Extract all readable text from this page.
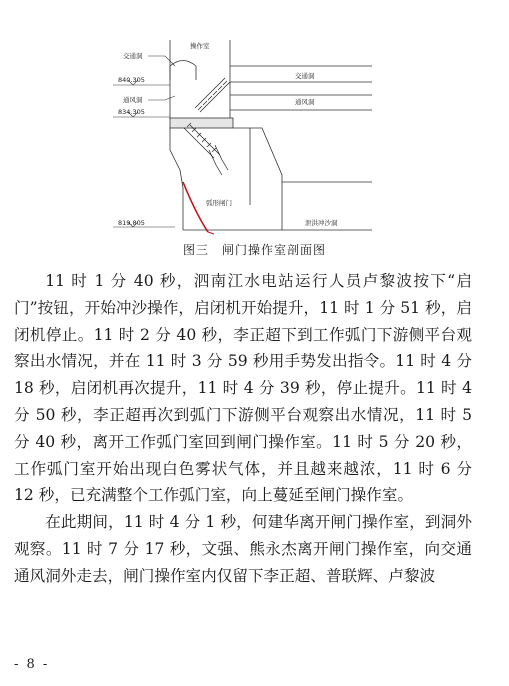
交通洞
操作室
840.305
通风洞
834.305
交通洞
通风洞
弧形闸门
泄洪冲沙洞
819.805
图三　闸门操作室剖面图

11 时 1 分 40 秒，泗南江水电站运行人员卢黎波按下“启门”按钮，开始冲沙操作，启闭机开始提升，11 时 1 分 51 秒，启闭机停止。11 时 2 分 40 秒，李正超下到工作弧门下游侧平台观察出水情况，并在 11 时 3 分 59 秒用手势发出指令。11 时 4 分 18 秒，启闭机再次提升，11 时 4 分 39 秒，停止提升。11 时 4 分 50 秒，李正超再次到弧门下游侧平台观察出水情况，11 时 5 分 40 秒，离开工作弧门室回到闸门操作室。11 时 5 分 20 秒，工作弧门室开始出现白色雾状气体，并且越来越浓，11 时 6 分 12 秒，已充满整个工作弧门室，向上蔓延至闸门操作室。

在此期间，11 时 4 分 1 秒，何建华离开闸门操作室，到洞外观察。11 时 7 分 17 秒，文强、熊永杰离开闸门操作室，向交通通风洞外走去，闸门操作室内仅留下李正超、普联辉、卢黎波

- 8 -
